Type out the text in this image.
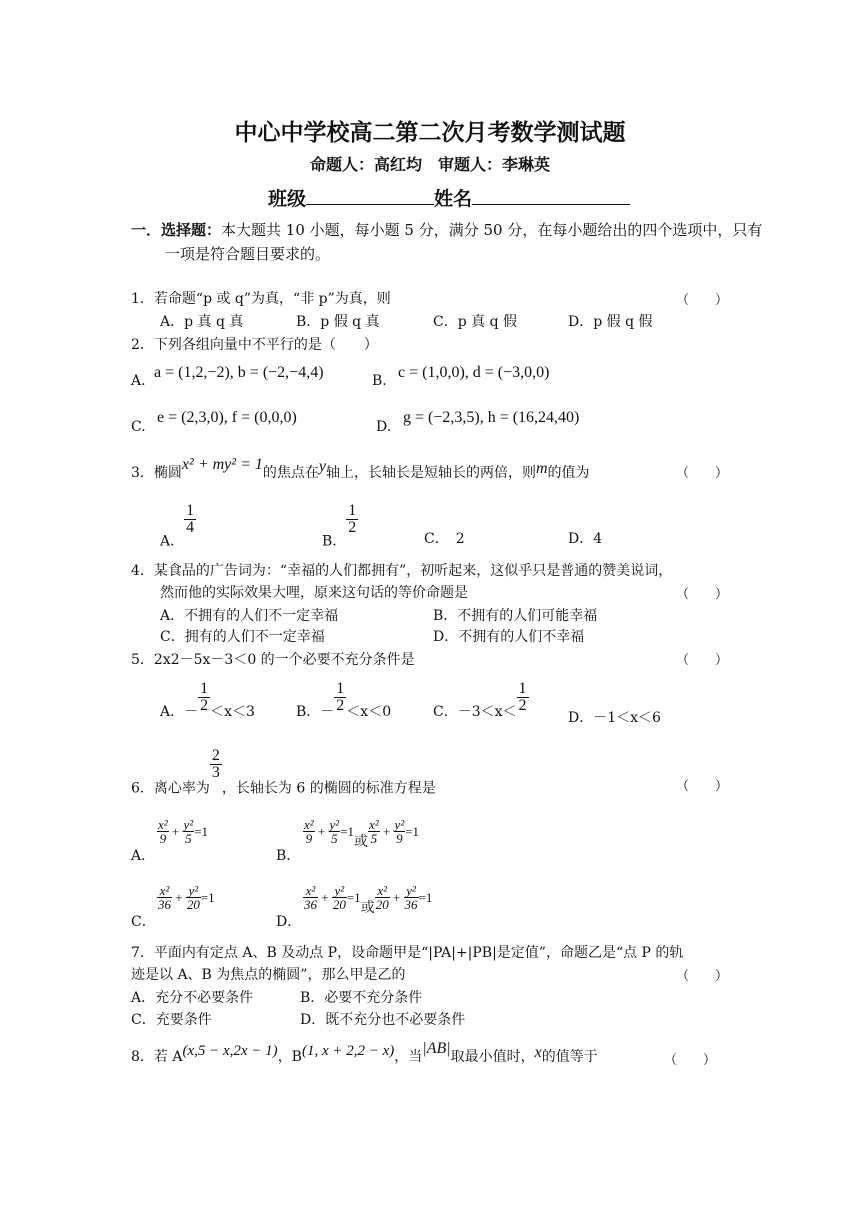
中心中学校高二第二次月考数学测试题
命题人：高红均　审题人：李琳英
班级	姓名
一．选择题：本大题共 10 小题，每小题 5 分，满分 50 分，在每小题给出的四个选项中，只有一项是符合题目要求的。
1．若命题“p 或 q”为真，“非 p”为真，则	（　　）
A．p 真 q 真	B．p 假 q 真	C．p 真 q 假	D．p 假 q 假
2．下列各组向量中不平行的是（　　）
A. a = (1,2,−2), b = (−2,−4,4)	B. c = (1,0,0), d = (−3,0,0)
C.
e = (2,3,0), f = (0,0,0)
D.
g = (−2,3,5), h = (16,24,40)
3．椭圆x² + my² = 1的焦点在y轴上，长轴长是短轴长的两倍，则m的值为	（　　）
A．
$\frac{1}{4}$
B．
$\frac{1}{2}$
C．　2	D．4
4．某食品的广告词为：“幸福的人们都拥有”，初听起来，这似乎只是普通的赞美说词，
然而他的实际效果大哩，原来这句话的等价命题是	（　　）
A．不拥有的人们不一定幸福	B．不拥有的人们可能幸福
C．拥有的人们不一定幸福	D．不拥有的人们不幸福
5．2x2－5x－3＜0 的一个必要不充分条件是	（　　）
A．－ $\frac{1}{2} <x<3$	B．－ $\frac{1}{2} <x<0$	C．$-3<x< \frac{1}{2}$
D．－1＜x＜6
6．离心率为
$\frac{2}{3}$
，长轴长为 6 的椭圆的标准方程是	（　　）
A．
$\frac{\text{x²}}{9} + \frac{\text{y²}}{5} =1$
B．
$\frac{\text{x²}}{9} + \frac{\text{y²}}{5} =1$或 $\frac{\text{x²}}{5} + \frac{\text{y²}}{9} =1$
C．
$\frac{\text{x²}}{36} + \frac{\text{y²}}{20} =1$
D．
$\frac{\text{x²}}{36} + \frac{\text{y²}}{20} =1$或 $\frac{\text{x²}}{20} + \frac{\text{y²}}{36} =1$
7．平面内有定点 A、B 及动点 P，设命题甲是“|PA|+|PB|是定值”，命题乙是“点 P 的轨
迹是以 A、B 为焦点的椭圆”，那么甲是乙的	（　　）
A．充分不必要条件	B．必要不充分条件
C．充要条件	D．既不充分也不必要条件
8．若 A(x,5 − x,2x − 1)，B(1, x + 2,2 − x)，当|AB|取最小值时，x的值等于	（　　）
